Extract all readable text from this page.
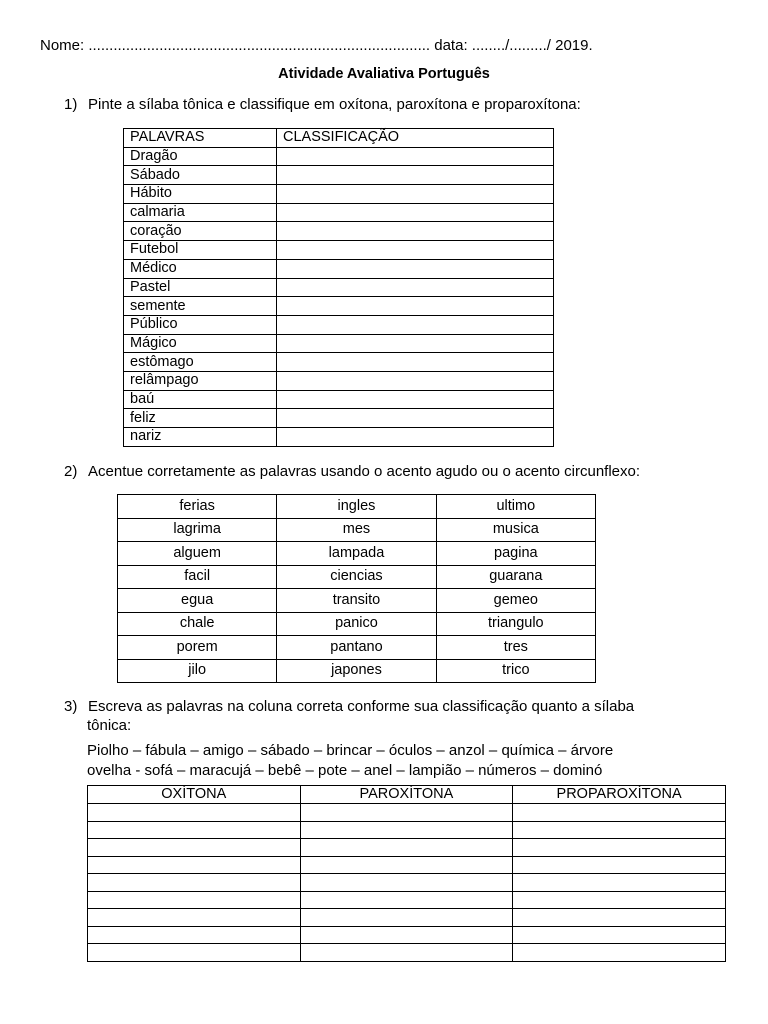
Nome: .................................................................................. data: ......../........./ 2019.
Atividade Avaliativa Português
1) Pinte a sílaba tônica e classifique em oxítona, paroxítona e proparoxítona:
PALAVRAS	CLASSIFICAÇÃO
Dragão	
Sábado	
Hábito	
calmaria	
coração	
Futebol	
Médico	
Pastel	
semente	
Público	
Mágico	
estômago	
relâmpago	
baú	
feliz	
nariz	
2) Acentue corretamente as palavras usando o acento agudo ou o acento circunflexo:
ferias	ingles	ultimo
lagrima	mes	musica
alguem	lampada	pagina
facil	ciencias	guarana
egua	transito	gemeo
chale	panico	triangulo
porem	pantano	tres
jilo	japones	trico
3) Escreva as palavras na coluna correta conforme sua classificação quanto a sílaba
tônica:
Piolho – fábula – amigo – sábado – brincar – óculos – anzol – química – árvore
ovelha - sofá – maracujá – bebê – pote – anel – lampião – números – dominó
OXÍTONA	PAROXÍTONA	PROPAROXÍTONA
